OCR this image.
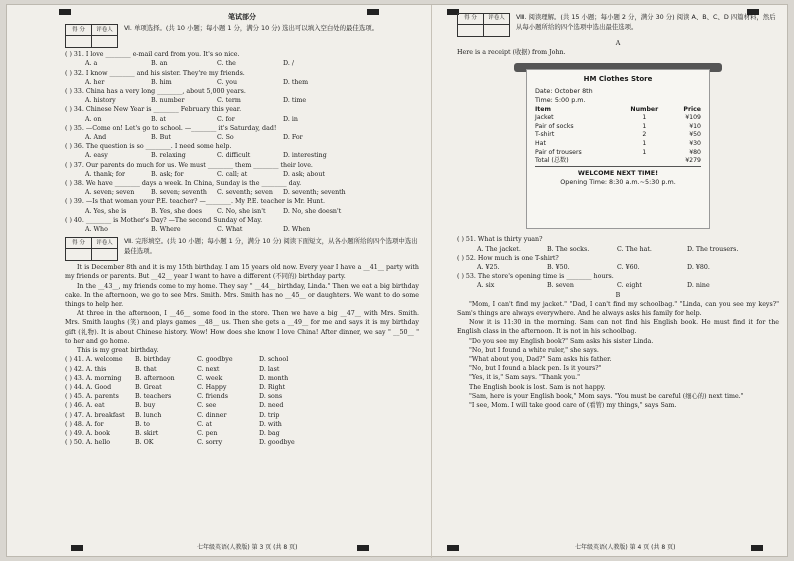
笔试部分
得 分	评卷人
	Ⅵ. 单项选择。(共 10 小题；每小题 1 分，满分 10 分) 选出可以填入空白处的最佳选项。
( ) 31. I love ________ e-mail card from you. It's so nice.
A. a	B. an	C. the	D. /
( ) 32. I know ________ and his sister. They're my friends.
A. her	B. him	C. you	D. them
( ) 33. China has a very long ________, about 5,000 years.
A. history	B. number	C. term	D. time
( ) 34. Chinese New Year is ________ February this year.
A. on	B. at	C. for	D. in
( ) 35. —Come on! Let's go to school. —________ it's Saturday, dad!
A. And	B. But	C. So	D. For
( ) 36. The question is so ________. I need some help.
A. easy	B. relaxing	C. difficult	D. interesting
( ) 37. Our parents do much for us. We must ________ them ________ their love.
A. thank; for	B. ask; for	C. call; at	D. ask; about
( ) 38. We have ________ days a week. In China, Sunday is the ________ day.
A. seven; seven	B. seven; seventh	C. seventh; seven	D. seventh; seventh
( ) 39. —Is that woman your P.E. teacher? —________. My P.E. teacher is Mr. Hunt.
A. Yes, she is	B. Yes, she does	C. No, she isn't	D. No, she doesn't
( ) 40. ________ is Mother's Day? —The second Sunday of May.
A. Who	B. Where	C. What	D. When
得 分	评卷人
	Ⅶ. 完形填空。(共 10 小题；每小题 1 分，满分 10 分) 阅读下面短文，从各小题所给的四个选项中选出最佳选项。
It is December 8th and it is my 15th birthday. I am 15 years old now. Every year I have a __41__ party with my friends or parents. But __42__ year I want to have a different (不同的) birthday party.
In the __43__, my friends come to my home. They say " __44__ birthday, Linda." Then we eat a big birthday cake. In the afternoon, we go to see Mrs. Smith. Mrs. Smith has no __45__ or daughters. We want to do some things to help her.
At three in the afternoon, I __46__ some food in the store. Then we have a big __47__ with Mrs. Smith. Mrs. Smith laughs (笑) and plays games __48__ us. Then she gets a __49__ for me and says it is my birthday gift (礼物). It is about Chinese history. Wow! How does she know I love China! After dinner, we say " __50__ " to her and go home.
This is my great birthday.
( ) 41. A. welcome	B. birthday	C. goodbye	D. school
( ) 42. A. this	B. that	C. next	D. last
( ) 43. A. morning	B. afternoon	C. week	D. month
( ) 44. A. Good	B. Great	C. Happy	D. Right
( ) 45. A. parents	B. teachers	C. friends	D. sons
( ) 46. A. eat	B. buy	C. see	D. need
( ) 47. A. breakfast	B. lunch	C. dinner	D. trip
( ) 48. A. for	B. to	C. at	D. with
( ) 49. A. book	B. skirt	C. pen	D. bag
( ) 50. A. hello	B. OK	C. sorry	D. goodbye
七年级英语(人教版) 第 3 页 (共 8 页)
得 分	评卷人
	Ⅷ. 阅读理解。(共 15 小题；每小题 2 分，满分 30 分) 阅读 A、B、C、D 四篇材料，然后从每小题所给的四个选项中选出最佳选项。
A
Here is a receipt (收据) from John.
HM Clothes Store
Date: October 8th
Time: 5:00 p.m.
Item	Number	Price
Jacket	1	¥109
Pair of socks	1	¥10
T-shirt	2	¥50
Hat	1	¥30
Pair of trousers	1	¥80
Total (总数)		¥279
WELCOME NEXT TIME!
Opening Time: 8:30 a.m.~5:30 p.m.
( ) 51. What is thirty yuan?
A. The jacket.	B. The socks.	C. The hat.	D. The trousers.
( ) 52. How much is one T-shirt?
A. ¥25.	B. ¥50.	C. ¥60.	D. ¥80.
( ) 53. The store's opening time is ________ hours.
A. six	B. seven	C. eight	D. nine
B
"Mom, I can't find my jacket." "Dad, I can't find my schoolbag." "Linda, can you see my keys?" Sam's things are always everywhere. And he always asks his family for help.
Now it is 11:30 in the morning. Sam can not find his English book. He must find it for the English class in the afternoon. It is not in his schoolbag.
"Do you see my English book?" Sam asks his sister Linda.
"No, but I found a white ruler," she says.
"What about you, Dad?" Sam asks his father.
"No, but I found a black pen. Is it yours?"
"Yes, it is," Sam says. "Thank you."
The English book is lost. Sam is not happy.
"Sam, here is your English book," Mom says. "You must be careful (细心的) next time."
"I see, Mom. I will take good care of (看管) my things," says Sam.
七年级英语(人教版) 第 4 页 (共 8 页)
